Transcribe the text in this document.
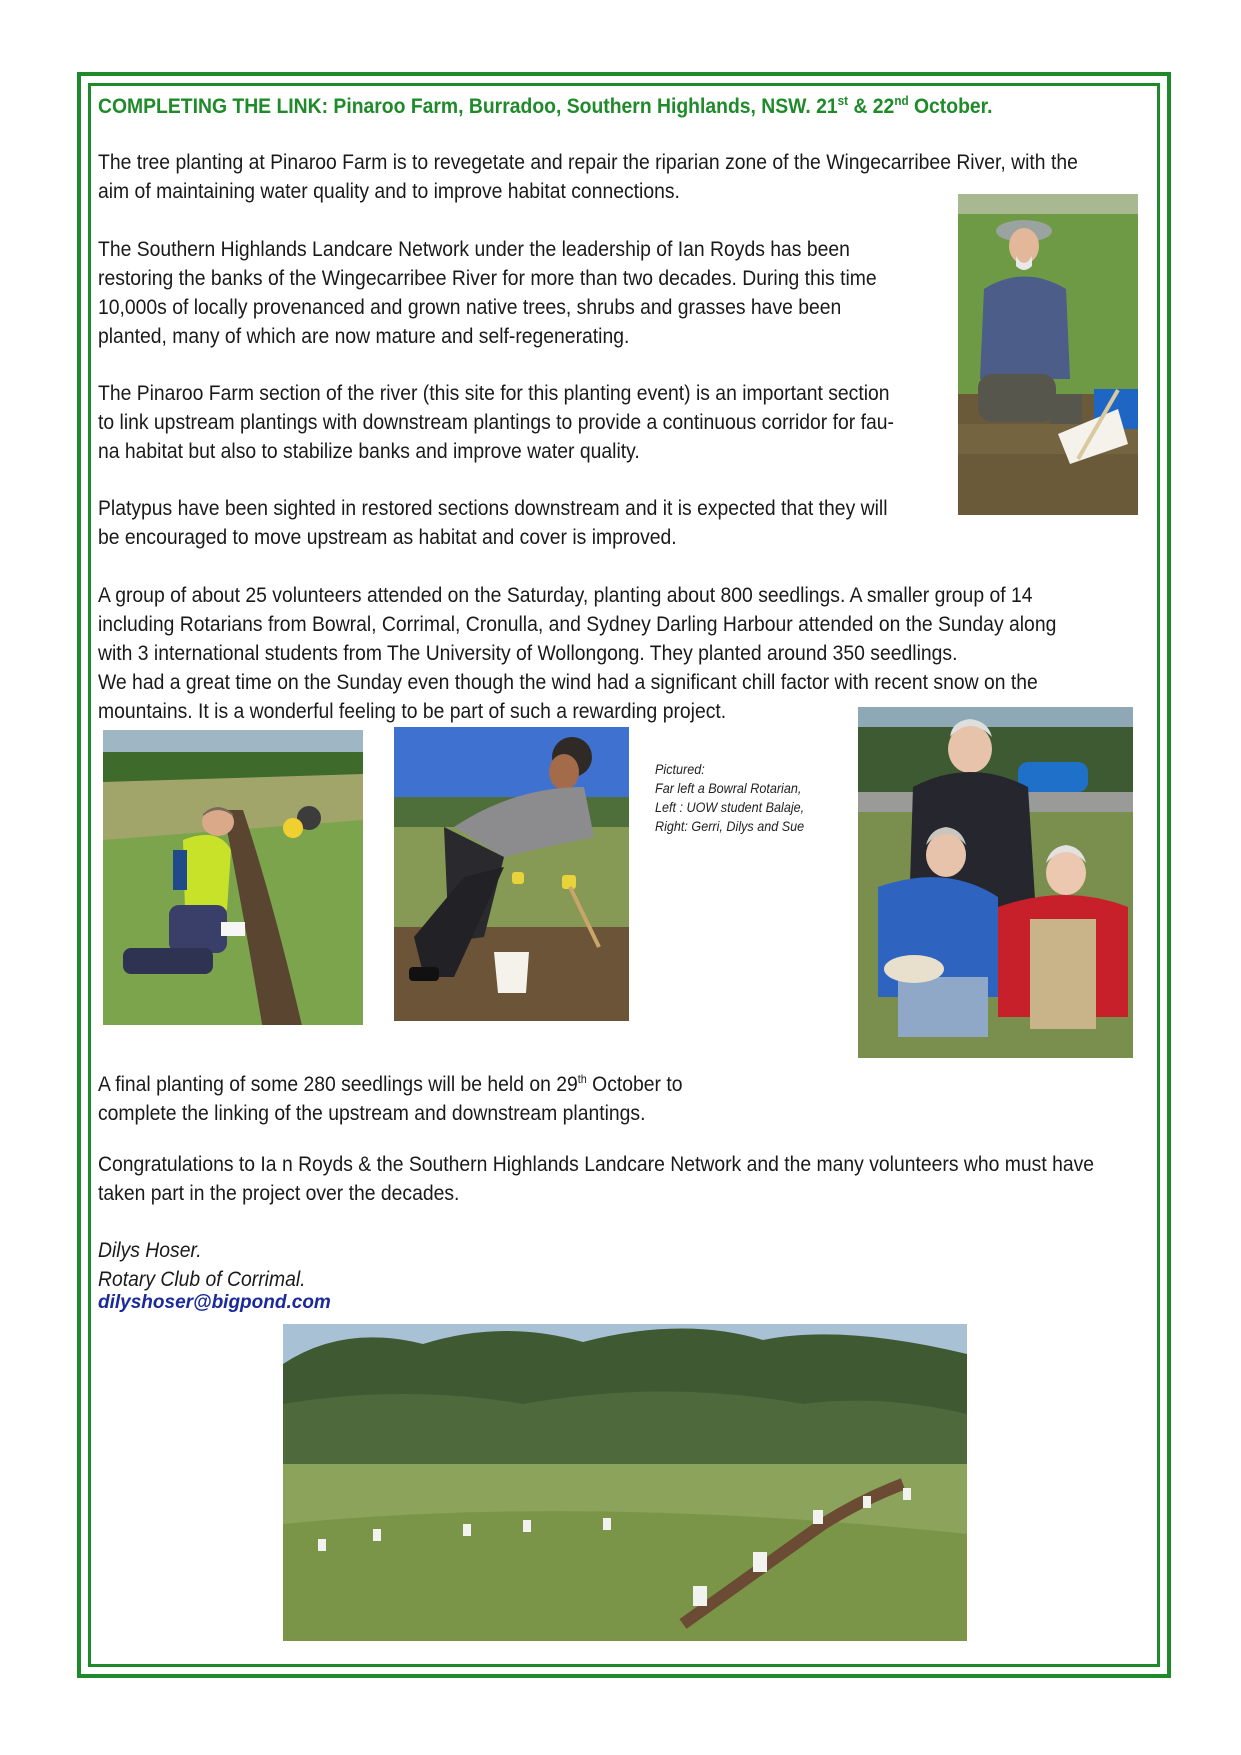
COMPLETING THE LINK: Pinaroo Farm, Burradoo, Southern Highlands, NSW. 21st & 22nd October.

The tree planting at Pinaroo Farm is to revegetate and repair the riparian zone of the Wingecarribee River, with the
aim of maintaining water quality and to improve habitat connections.

The Southern Highlands Landcare Network under the leadership of Ian Royds has been
restoring the banks of the Wingecarribee River for more than two decades. During this time
10,000s of locally provenanced and grown native trees, shrubs and grasses have been
planted, many of which are now mature and self-regenerating.

The Pinaroo Farm section of the river (this site for this planting event) is an important section
to link upstream plantings with downstream plantings to provide a continuous corridor for fau-
na habitat but also to stabilize banks and improve water quality.

Platypus have been sighted in restored sections downstream and it is expected that they will
be encouraged to move upstream as habitat and cover is improved.

A group of about 25 volunteers attended on the Saturday, planting about 800 seedlings. A smaller group of 14
including Rotarians from Bowral, Corrimal, Cronulla, and Sydney Darling Harbour attended on the Sunday along
with 3 international students from The University of Wollongong. They planted around 350 seedlings.
We had a great time on the Sunday even though the wind had a significant chill factor with recent snow on the
mountains. It is a wonderful feeling to be part of such a rewarding project.

Pictured:
Far left a Bowral Rotarian,
Left : UOW student Balaje,
Right: Gerri, Dilys and Sue

A final planting of some 280 seedlings will be held on 29th October to
complete the linking of the upstream and downstream plantings.

Congratulations to Ia n Royds & the Southern Highlands Landcare Network and the many volunteers who must have
taken part in the project over the decades.

Dilys Hoser.
Rotary Club of Corrimal.
dilyshoser@bigpond.com
